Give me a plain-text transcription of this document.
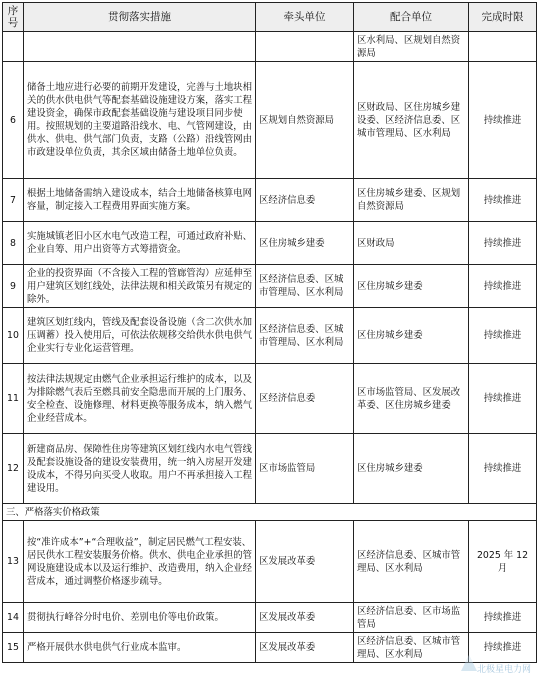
序号	贯彻落实措施	牵头单位	配合单位	完成时限
			区水利局、区规划自然资源局	
6	储备土地应进行必要的前期开发建设，完善与土地块相关的供水供电供气等配套基础设施建设方案，落实工程建设资金，确保市政配套基础设施与建设项目同步使用。按照规划的主要道路沿线水、电、气管网建设，由供水、供电、供气部门负责，支路（公路）沿线管网由市政建设单位负责，其余区域由储备土地单位负责。	区规划自然资源局	区财政局、区住房城乡建设委、区经济信息委、区城市管理局、区水利局	持续推进
7	根据土地储备需纳入建设成本，结合土地储备核算电网容量，制定接入工程费用界面实施方案。	区经济信息委	区住房城乡建委、区规划自然资源局	持续推进
8	实施城镇老旧小区水电气改造工程，可通过政府补贴、企业自筹、用户出资等方式筹措资金。	区住房城乡建委	区财政局	持续推进
9	企业的投资界面（不含接入工程的管廊管沟）应延伸至用户建筑区划红线处，法律法规和相关政策另有规定的除外。	区经济信息委、区城市管理局、区水利局	区住房城乡建委	持续推进
10	建筑区划红线内，管线及配套设备设施（含二次供水加压调蓄）投入使用后，可依法依规移交给供水供电供气企业实行专业化运营管理。	区经济信息委、区城市管理局、区水利局	区住房城乡建委	持续推进
11	按法律法规规定由燃气企业承担运行维护的成本，以及为排除燃气表后至燃具前安全隐患而开展的上门服务、安全检查、设施修理、材料更换等服务成本，纳入燃气企业经营成本。	区经济信息委	区市场监管局、区发展改革委、区住房城乡建委	持续推进
12	新建商品房、保障性住房等建筑区划红线内水电气管线及配套设施设备的建设安装费用，统一纳入房屋开发建设成本，不得另向买受人收取。用户不再承担接入工程建设用。	区市场监管局	区住房城乡建委	持续推进
三、严格落实价格政策				
13	按“准许成本”+“合理收益”，制定居民燃气工程安装、居民供水工程安装服务价格。供水、供电企业承担的管网设施建设成本以及运行维护、改造费用，纳入企业经营成本，通过调整价格逐步疏导。	区发展改革委	区经济信息委、区城市管理局、区水利局	2025 年 12 月
14	贯彻执行峰谷分时电价、差别电价等电价政策。	区发展改革委	区经济信息委、区市场监管局	持续推进
15	严格开展供水供电供气行业成本监审。	区发展改革委	区经济信息委、区城市管理局、区水利局	持续推进
北极星电力网
